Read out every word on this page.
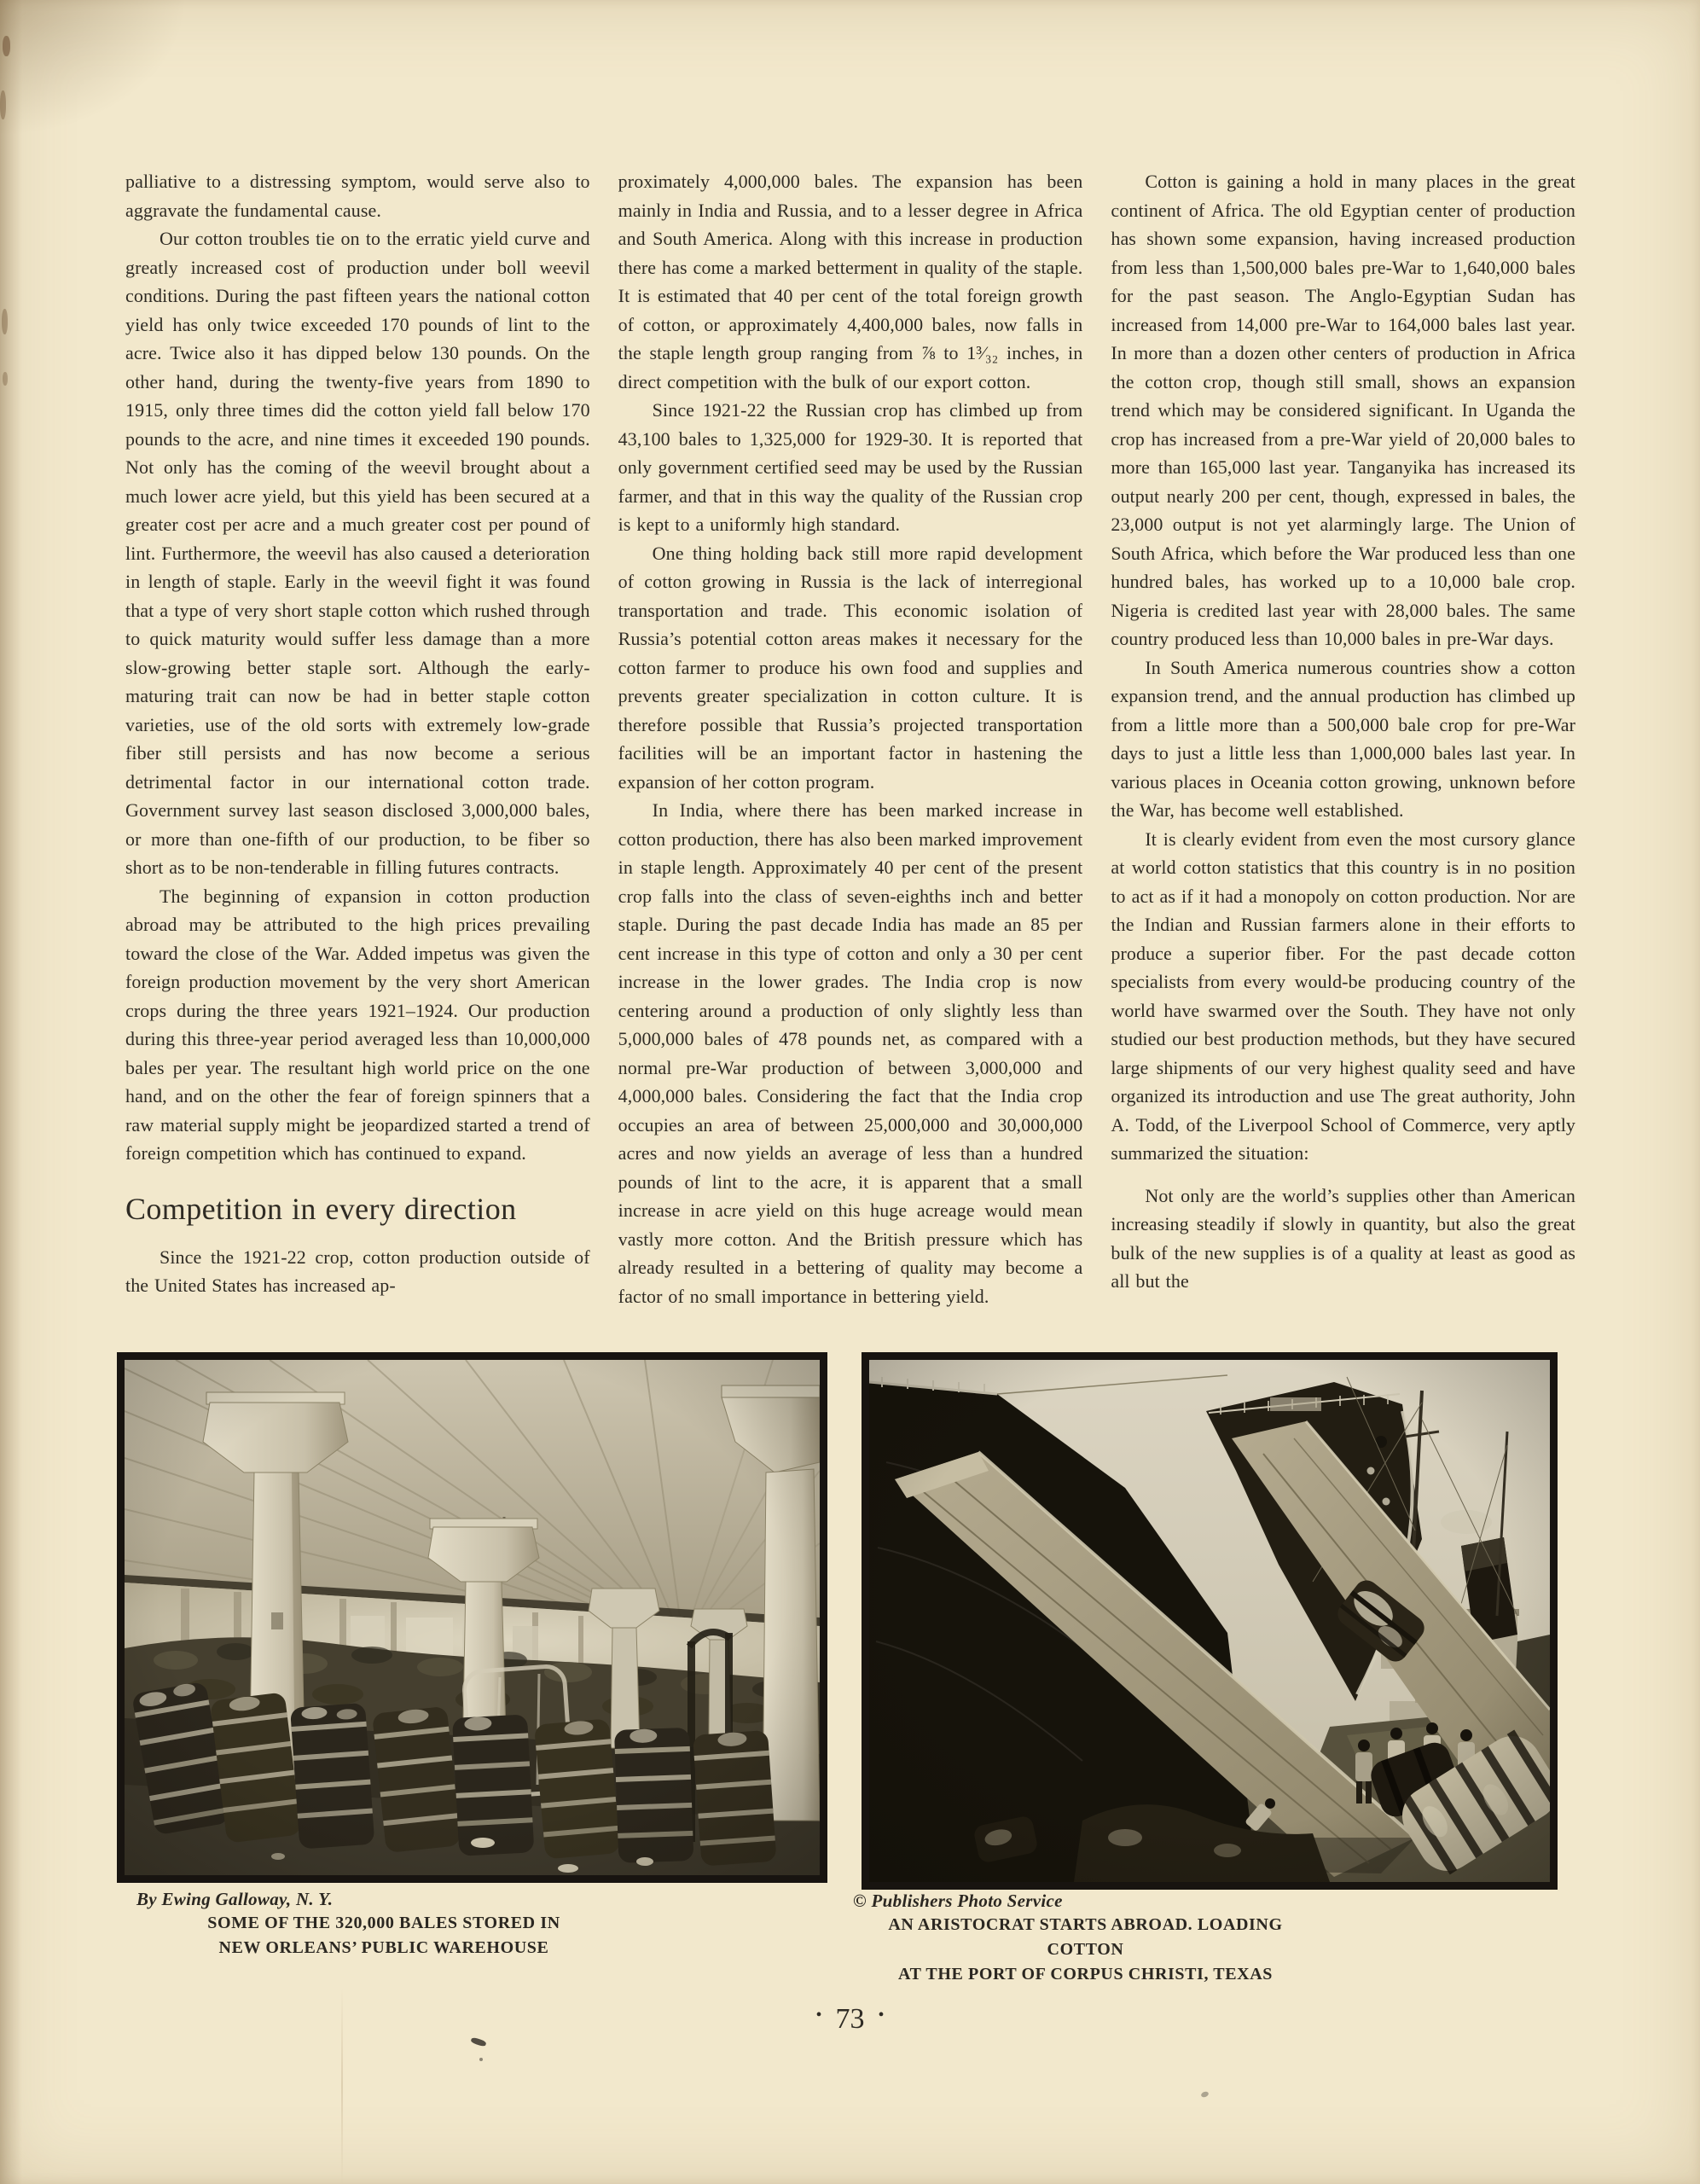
palliative to a distressing symptom, would serve also to aggravate the fundamental cause.

Our cotton troubles tie on to the erratic yield curve and greatly increased cost of production under boll weevil conditions. During the past fifteen years the national cotton yield has only twice exceeded 170 pounds of lint to the acre. Twice also it has dipped below 130 pounds. On the other hand, during the twenty-five years from 1890 to 1915, only three times did the cotton yield fall below 170 pounds to the acre, and nine times it exceeded 190 pounds. Not only has the coming of the weevil brought about a much lower acre yield, but this yield has been secured at a greater cost per acre and a much greater cost per pound of lint. Furthermore, the weevil has also caused a deterioration in length of staple. Early in the weevil fight it was found that a type of very short staple cotton which rushed through to quick maturity would suffer less damage than a more slow-growing better staple sort. Although the early-maturing trait can now be had in better staple cotton varieties, use of the old sorts with extremely low-grade fiber still persists and has now become a serious detrimental factor in our international cotton trade. Government survey last season disclosed 3,000,000 bales, or more than one-fifth of our production, to be fiber so short as to be non-tenderable in filling futures contracts.

The beginning of expansion in cotton production abroad may be attributed to the high prices prevailing toward the close of the War. Added impetus was given the foreign production movement by the very short American crops during the three years 1921–1924. Our production during this three-year period averaged less than 10,000,000 bales per year. The resultant high world price on the one hand, and on the other the fear of foreign spinners that a raw material supply might be jeopardized started a trend of foreign competition which has continued to expand.

Competition in every direction

Since the 1921-22 crop, cotton production outside of the United States has increased ap-

proximately 4,000,000 bales. The expansion has been mainly in India and Russia, and to a lesser degree in Africa and South America. Along with this increase in production there has come a marked betterment in quality of the staple. It is estimated that 40 per cent of the total foreign growth of cotton, or approximately 4,400,000 bales, now falls in the staple length group ranging from ⅞ to 1³⁄₃₂ inches, in direct competition with the bulk of our export cotton.

Since 1921-22 the Russian crop has climbed up from 43,100 bales to 1,325,000 for 1929-30. It is reported that only government certified seed may be used by the Russian farmer, and that in this way the quality of the Russian crop is kept to a uniformly high standard.

One thing holding back still more rapid development of cotton growing in Russia is the lack of interregional transportation and trade. This economic isolation of Russia’s potential cotton areas makes it necessary for the cotton farmer to produce his own food and supplies and prevents greater specialization in cotton culture. It is therefore possible that Russia’s projected transportation facilities will be an important factor in hastening the expansion of her cotton program.

In India, where there has been marked increase in cotton production, there has also been marked improvement in staple length. Approximately 40 per cent of the present crop falls into the class of seven-eighths inch and better staple. During the past decade India has made an 85 per cent increase in this type of cotton and only a 30 per cent increase in the lower grades. The India crop is now centering around a production of only slightly less than 5,000,000 bales of 478 pounds net, as compared with a normal pre-War production of between 3,000,000 and 4,000,000 bales. Considering the fact that the India crop occupies an area of between 25,000,000 and 30,000,000 acres and now yields an average of less than a hundred pounds of lint to the acre, it is apparent that a small increase in acre yield on this huge acreage would mean vastly more cotton. And the British pressure which has already resulted in a bettering of quality may become a factor of no small importance in bettering yield.

Cotton is gaining a hold in many places in the great continent of Africa. The old Egyptian center of production has shown some expansion, having increased production from less than 1,500,000 bales pre-War to 1,640,000 bales for the past season. The Anglo-Egyptian Sudan has increased from 14,000 pre-War to 164,000 bales last year. In more than a dozen other centers of production in Africa the cotton crop, though still small, shows an expansion trend which may be considered significant. In Uganda the crop has increased from a pre-War yield of 20,000 bales to more than 165,000 last year. Tanganyika has increased its output nearly 200 per cent, though, expressed in bales, the 23,000 output is not yet alarmingly large. The Union of South Africa, which before the War produced less than one hundred bales, has worked up to a 10,000 bale crop. Nigeria is credited last year with 28,000 bales. The same country produced less than 10,000 bales in pre-War days.

In South America numerous countries show a cotton expansion trend, and the annual production has climbed up from a little more than a 500,000 bale crop for pre-War days to just a little less than 1,000,000 bales last year. In various places in Oceania cotton growing, unknown before the War, has become well established.

It is clearly evident from even the most cursory glance at world cotton statistics that this country is in no position to act as if it had a monopoly on cotton production. Nor are the Indian and Russian farmers alone in their efforts to produce a superior fiber. For the past decade cotton specialists from every would-be producing country of the world have swarmed over the South. They have not only studied our best production methods, but they have secured large shipments of our very highest quality seed and have organized its introduction and use The great authority, John A. Todd, of the Liverpool School of Commerce, very aptly summarized the situation:

Not only are the world’s supplies other than American increasing steadily if slowly in quantity, but also the great bulk of the new supplies is of a quality at least as good as all but the

By Ewing Galloway, N. Y.
SOME OF THE 320,000 BALES STORED IN
NEW ORLEANS’ PUBLIC WAREHOUSE
© Publishers Photo Service
AN ARISTOCRAT STARTS ABROAD. LOADING COTTON
AT THE PORT OF CORPUS CHRISTI, TEXAS
• 73 •
